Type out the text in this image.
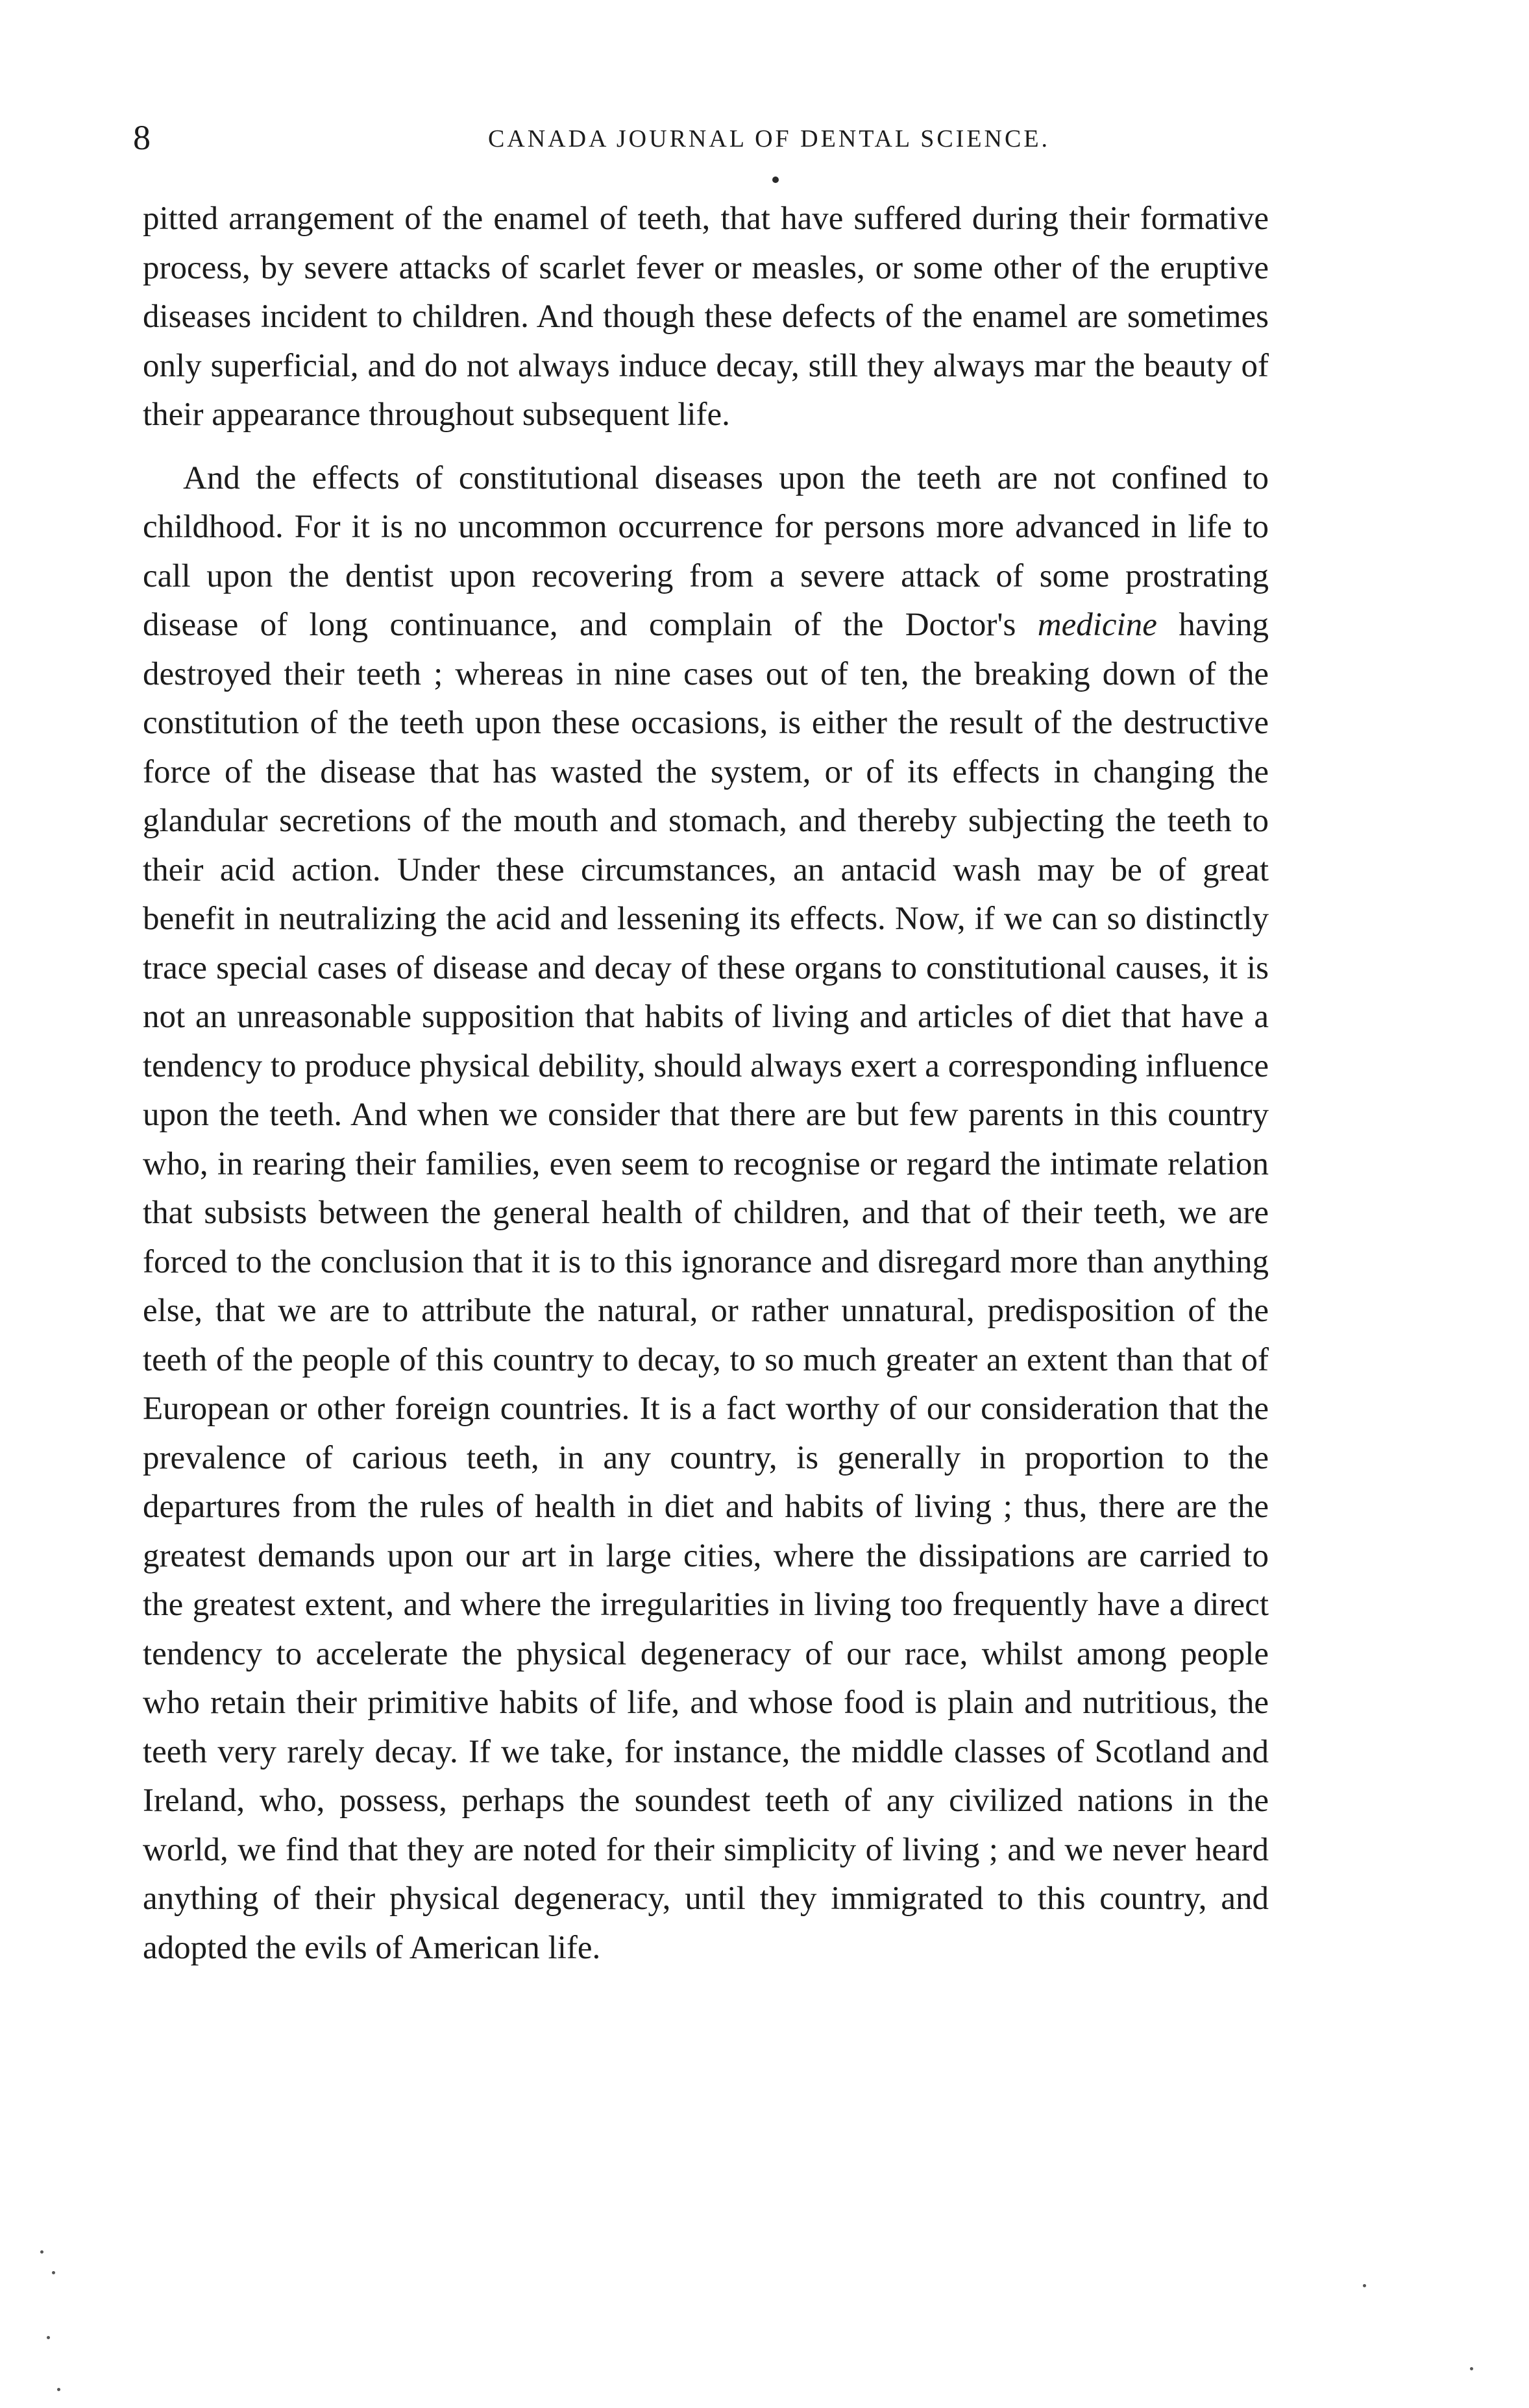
8	CANADA JOURNAL OF DENTAL SCIENCE.

pitted arrangement of the enamel of teeth, that have suffered during their formative process, by severe attacks of scarlet fever or measles, or some other of the eruptive diseases incident to children. And though these defects of the enamel are sometimes only superficial, and do not always induce decay, still they always mar the beauty of their appearance throughout subsequent life.

And the effects of constitutional diseases upon the teeth are not confined to childhood. For it is no uncommon occurrence for persons more advanced in life to call upon the dentist upon recovering from a severe attack of some prostrating disease of long continuance, and complain of the Doctor's medicine having destroyed their teeth ; whereas in nine cases out of ten, the breaking down of the constitution of the teeth upon these occasions, is either the result of the destructive force of the disease that has wasted the system, or of its effects in changing the glandular secretions of the mouth and stomach, and thereby subjecting the teeth to their acid action. Under these circumstances, an antacid wash may be of great benefit in neutralizing the acid and lessening its effects. Now, if we can so distinctly trace special cases of disease and decay of these organs to constitutional causes, it is not an unreasonable supposition that habits of living and articles of diet that have a tendency to produce physical debility, should always exert a corresponding influence upon the teeth. And when we consider that there are but few parents in this country who, in rearing their families, even seem to recognise or regard the intimate relation that subsists between the general health of children, and that of their teeth, we are forced to the conclusion that it is to this ignorance and disregard more than anything else, that we are to attribute the natural, or rather unnatural, predisposition of the teeth of the people of this country to decay, to so much greater an extent than that of European or other foreign countries. It is a fact worthy of our consideration that the prevalence of carious teeth, in any country, is generally in proportion to the departures from the rules of health in diet and habits of living ; thus, there are the greatest demands upon our art in large cities, where the dissipations are carried to the greatest extent, and where the irregularities in living too frequently have a direct tendency to accelerate the physical degeneracy of our race, whilst among people who retain their primitive habits of life, and whose food is plain and nutritious, the teeth very rarely decay. If we take, for instance, the middle classes of Scotland and Ireland, who, possess, perhaps the soundest teeth of any civilized nations in the world, we find that they are noted for their simplicity of living ; and we never heard anything of their physical degeneracy, until they immigrated to this country, and adopted the evils of American life.
